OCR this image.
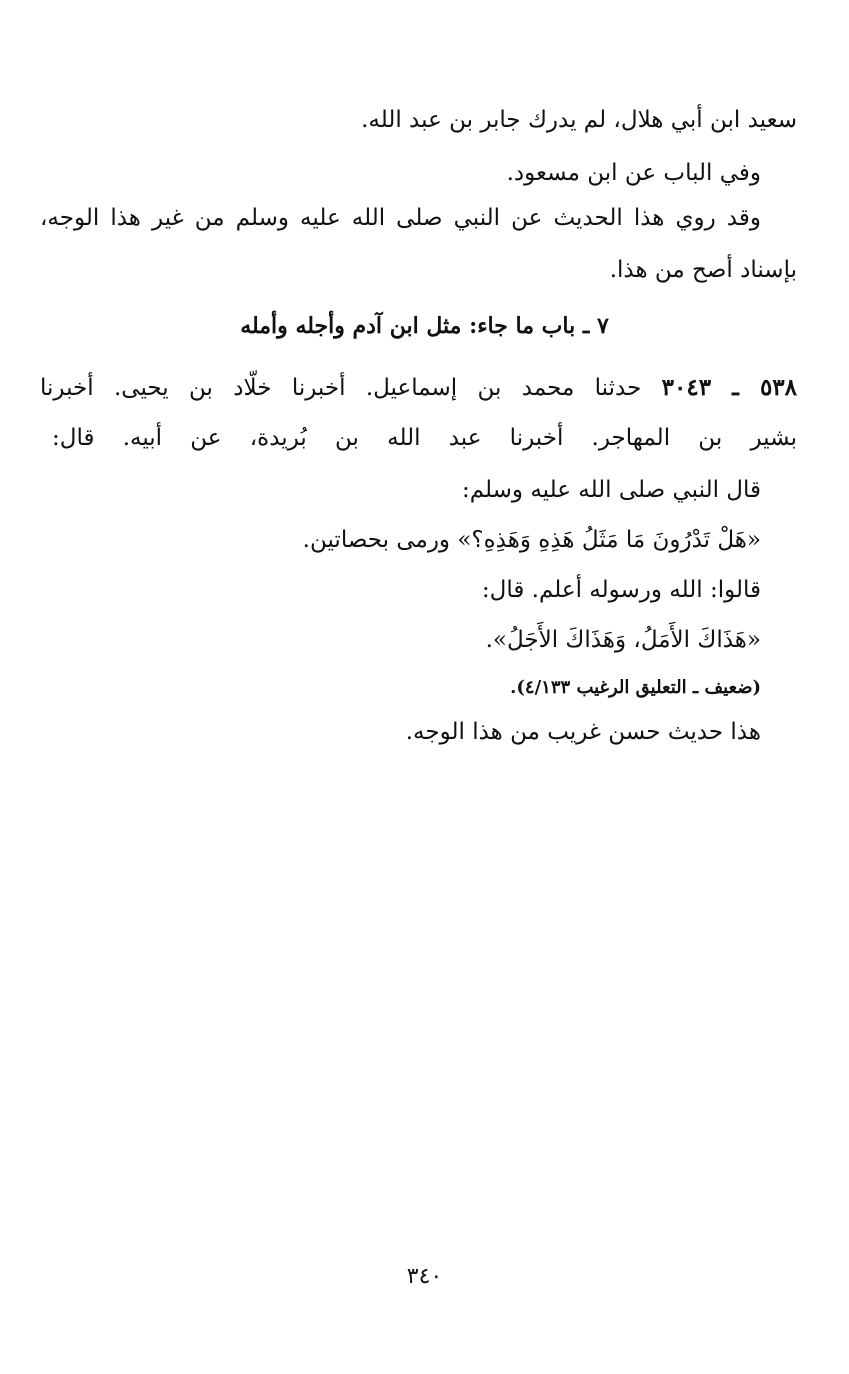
سعيد ابن أبي هلال، لم يدرك جابر بن عبد الله.
وفي الباب عن ابن مسعود.
وقد روي هذا الحديث عن النبي صلى الله عليه وسلم من غير هذا الوجه،
بإسناد أصح من هذا.
٧ ـ باب ما جاء: مثل ابن آدم وأجله وأمله
٥٣٨ ـ ٣٠٤٣ حدثنا محمد بن إسماعيل. أخبرنا خلّاد بن يحيى. أخبرنا
بشير بن المهاجر. أخبرنا عبد الله بن بُريدة، عن أبيه. قال:
قال النبي صلى الله عليه وسلم:
«هَلْ تَدْرُونَ مَا مَثَلُ هَذِهِ وَهَذِهِ؟» ورمى بحصاتين.
قالوا: الله ورسوله أعلم. قال:
«هَذَاكَ الأَمَلُ، وَهَذَاكَ الأَجَلُ».
(ضعيف ـ التعليق الرغيب ٤/١٣٣).
هذا حديث حسن غريب من هذا الوجه.
٣٤٠
